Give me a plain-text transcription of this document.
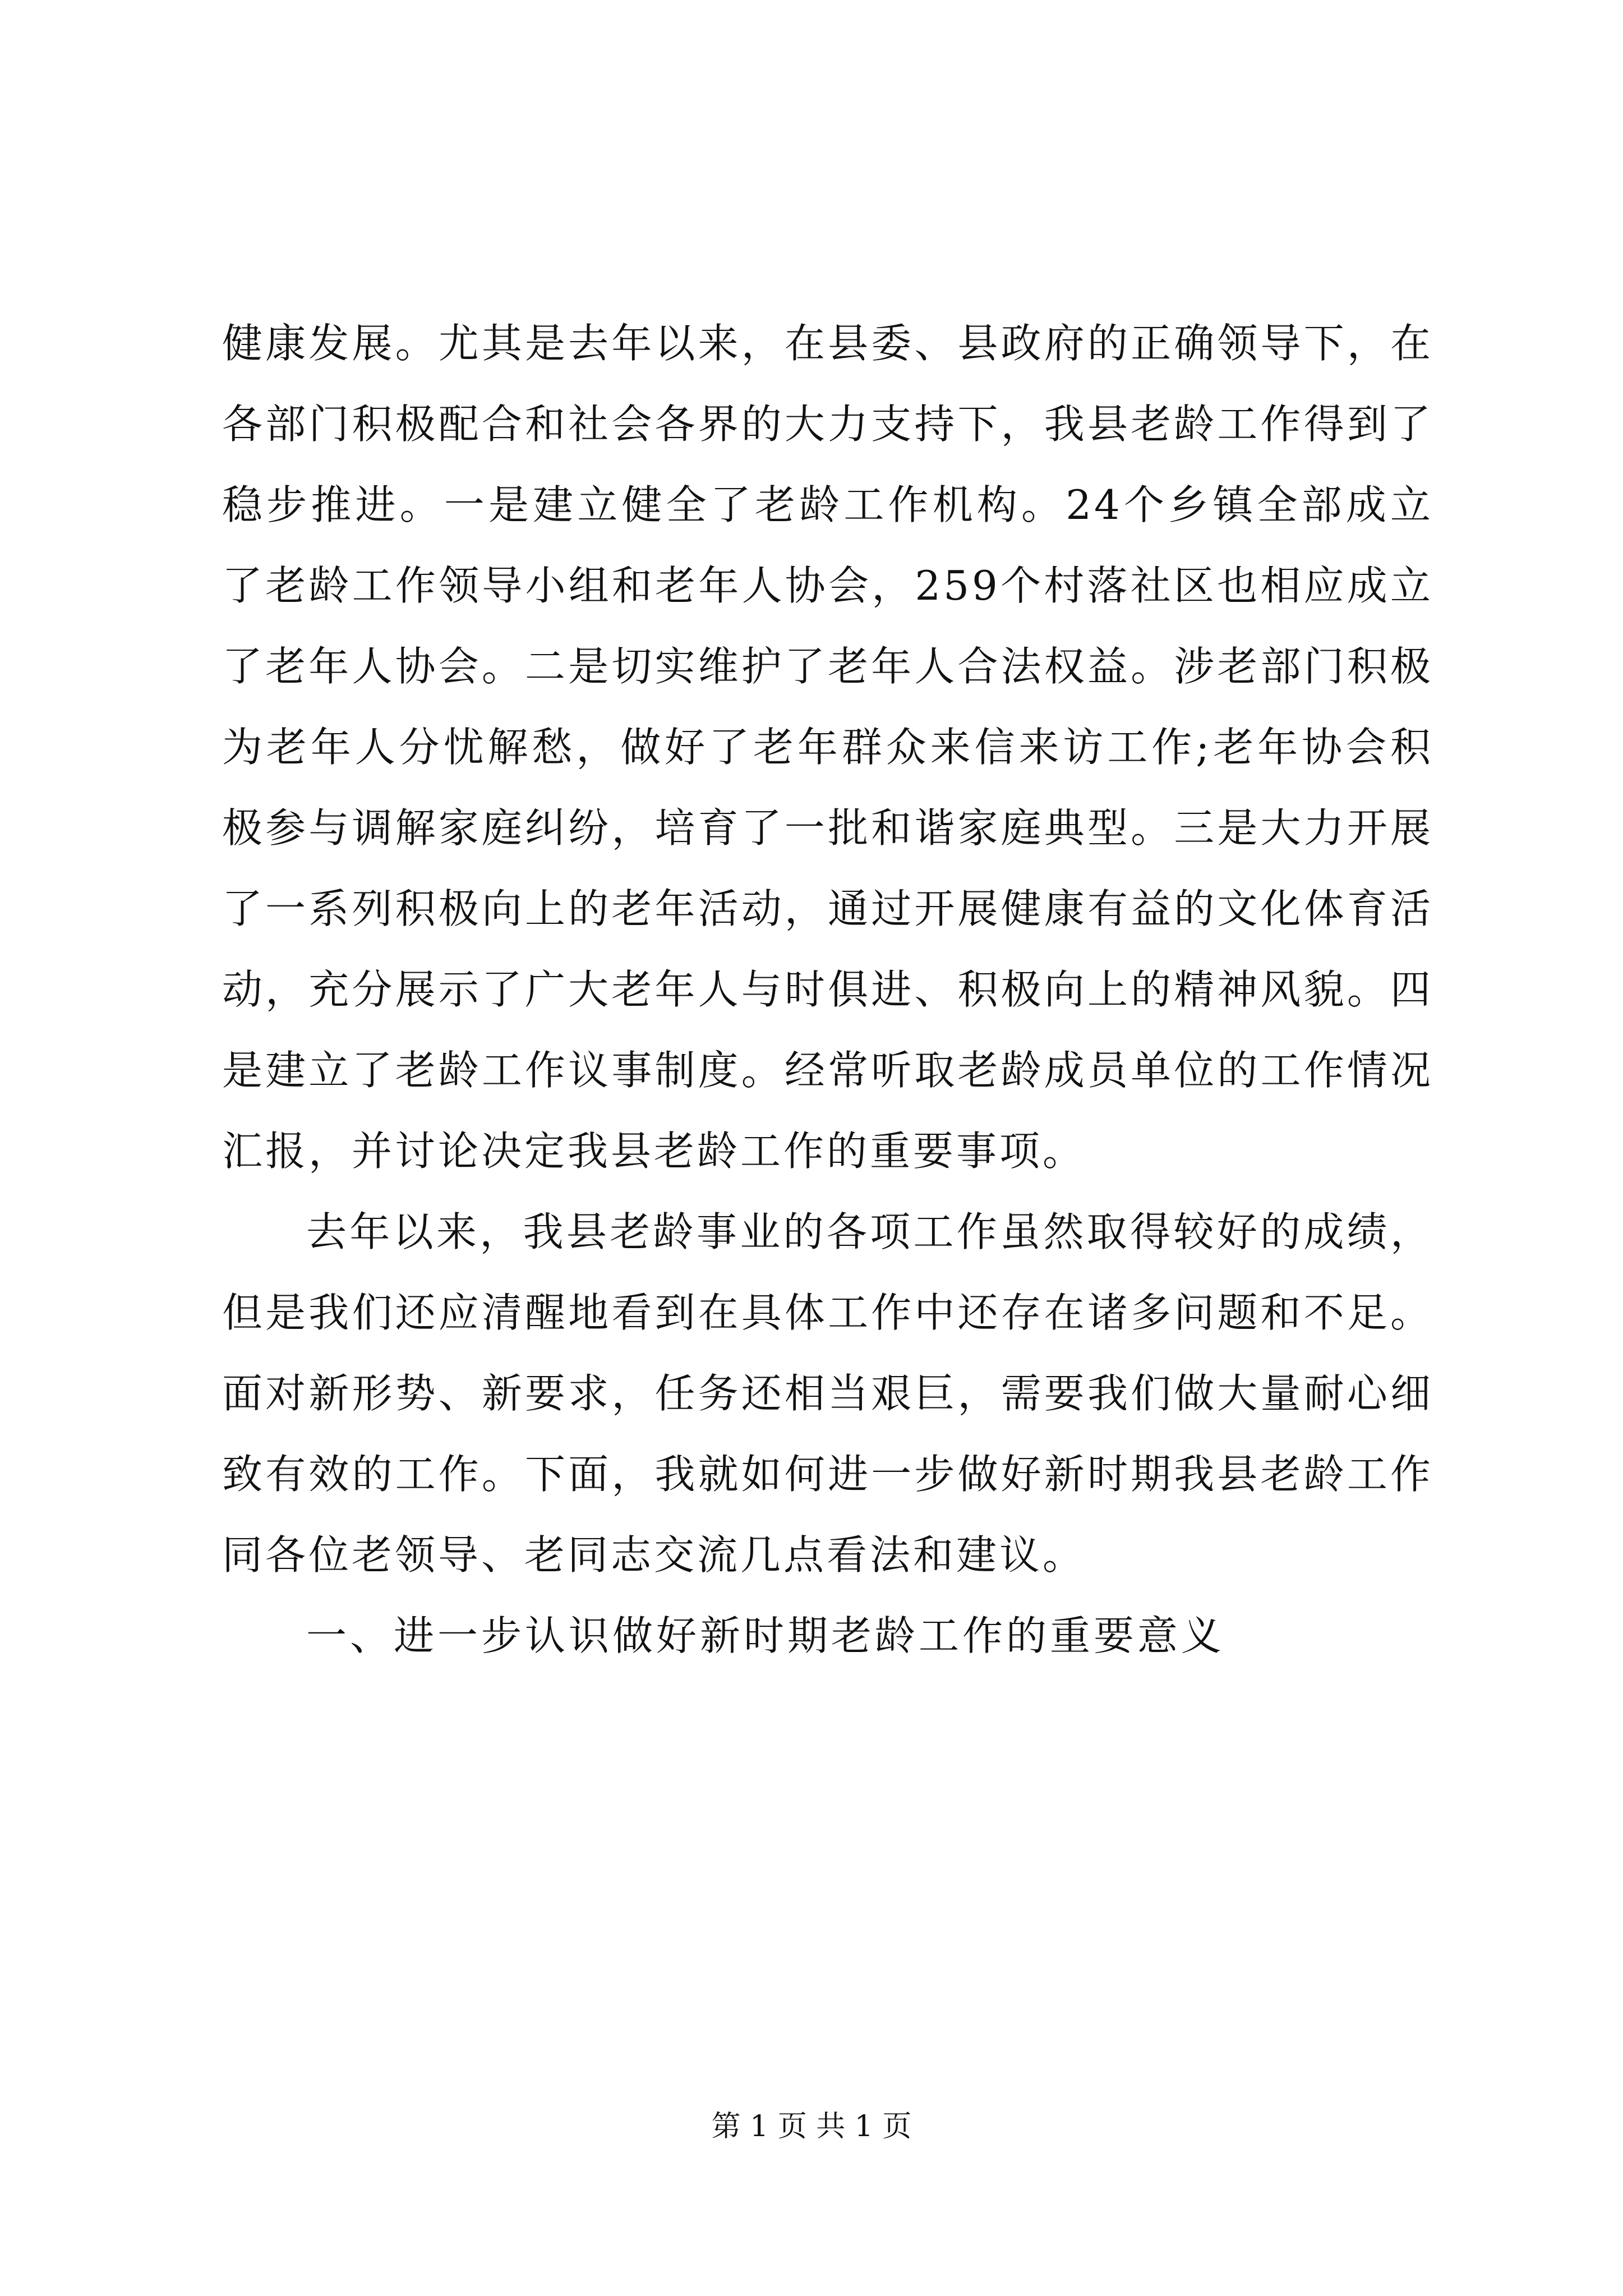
健康发展。尤其是去年以来，在县委、县政府的正确领导下，在各部门积极配合和社会各界的大力支持下，我县老龄工作得到了稳步推进。一是建立健全了老龄工作机构。24个乡镇全部成立了老龄工作领导小组和老年人协会，259个村落社区也相应成立了老年人协会。二是切实维护了老年人合法权益。涉老部门积极为老年人分忧解愁，做好了老年群众来信来访工作;老年协会积极参与调解家庭纠纷，培育了一批和谐家庭典型。三是大力开展了一系列积极向上的老年活动，通过开展健康有益的文化体育活动，充分展示了广大老年人与时俱进、积极向上的精神风貌。四是建立了老龄工作议事制度。经常听取老龄成员单位的工作情况汇报，并讨论决定我县老龄工作的重要事项。

去年以来，我县老龄事业的各项工作虽然取得较好的成绩，但是我们还应清醒地看到在具体工作中还存在诸多问题和不足。面对新形势、新要求，任务还相当艰巨，需要我们做大量耐心细致有效的工作。下面，我就如何进一步做好新时期我县老龄工作同各位老领导、老同志交流几点看法和建议。

一、进一步认识做好新时期老龄工作的重要意义

第 1 页 共 1 页
